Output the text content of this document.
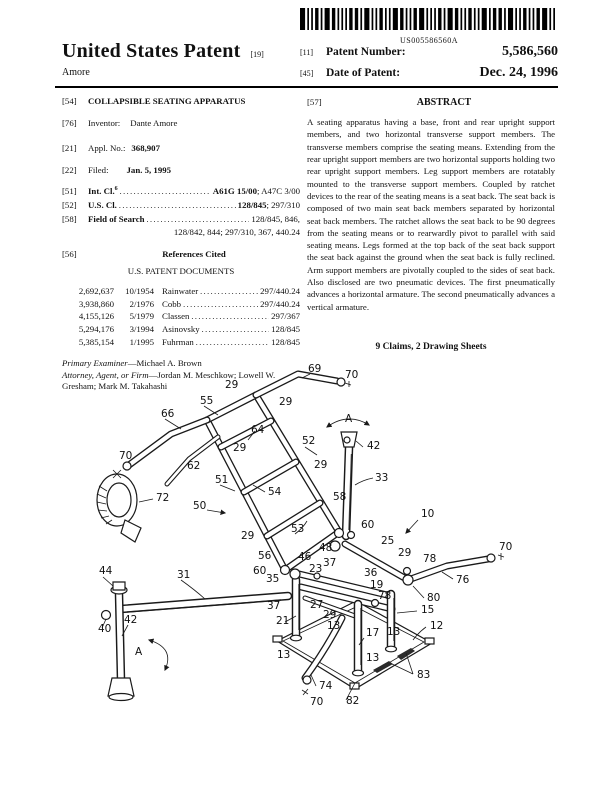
US005586560A
United States Patent [19]
Amore
[11]	Patent Number:	5,586,560
[45]	Date of Patent:	Dec. 24, 1996
[54]	COLLAPSIBLE SEATING APPARATUS
[76]	Inventor: Dante Amore
[21]	Appl. No.: 368,907
[22]	Filed: Jan. 5, 1995
[51]	Int. Cl.$^6$ .....	A61G 15/00; A47C 3/00
[52]	U.S. Cl. .....	128/845; 297/310
[58]	Field of Search .....	128/845, 846,
128/842, 844; 297/310, 367, 440.24
[56]	References Cited
U.S. PATENT DOCUMENTS
2,692,637	10/1954 Rainwater .....	297/440.24
3,938,860	2/1976 Cobb .....	297/440.24
4,155,126	5/1979 Classen .....	297/367
5,294,176	3/1994 Asinovsky .....	128/845
5,385,154	1/1995 Fuhrman .....	128/845
Primary Examiner—Michael A. Brown
Attorney, Agent, or Firm—Jordan M. Meschkow; Lowell W. Gresham; Mark M. Takahashi
[57]	ABSTRACT
A seating apparatus having a base, front and rear upright support members, and two horizontal transverse support members. The transverse members comprise the seating means. Extending from the rear upright support members are two horizontal supports holding two rear upright support members. Leg support members are rotatably mounted to the transverse support members. Coupled by ratchet devices to the rear of the seating means is a seat back. The seat back is composed of two main seat back members separated by horizontal seat back members. The ratchet allows the seat back to be 90 degrees from the seating means or to rearwardly pivot to parallel with said seating means. Legs formed at the top back of the seat back support the seat back against the ground when the seat back is fully reclined. Arm support members are pivotally coupled to the sides of seat back. Also disclosed are two pneumatic devices. The first pneumatically advances a horizontal armature. The second pneumatically advances a vertical armature.
9 Claims, 2 Drawing Sheets
69 70
29
55	29
66
64
A
52	42
29
70
62	29
33
51
54
72	58
50
10
60
53
29	25
48	70
29
56	46	78
37
23
60
44	36
31	35	76
19
78	80
37	27	15
29
42	21	13	12
40	17 13
A	13	13
83
74
82
70
